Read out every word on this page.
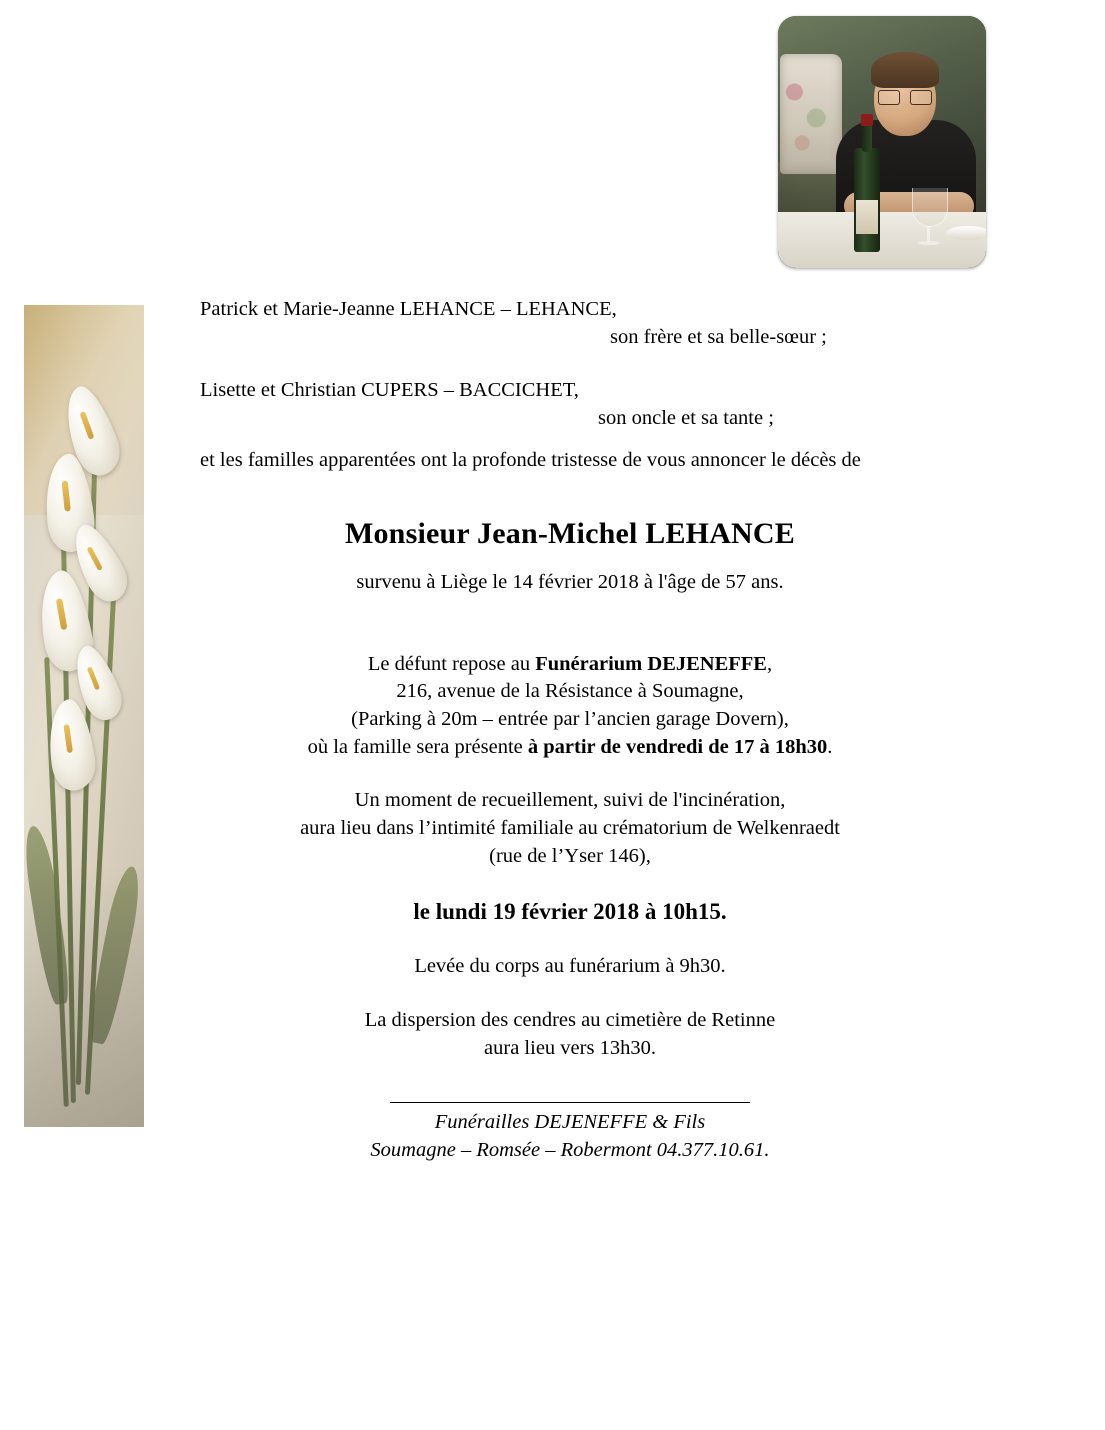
Patrick et Marie-Jeanne LEHANCE – LEHANCE,
son frère et sa belle-sœur ;
Lisette et Christian CUPERS – BACCICHET,
son oncle et sa tante ;
et les familles apparentées ont la profonde tristesse de vous annoncer le décès de
Monsieur Jean-Michel LEHANCE
survenu à Liège le 14 février 2018 à l'âge de 57 ans.
Le défunt repose au Funérarium DEJENEFFE,
216, avenue de la Résistance à Soumagne,
(Parking à 20m – entrée par l’ancien garage Dovern),
où la famille sera présente à partir de vendredi de 17 à 18h30.
Un moment de recueillement, suivi de l'incinération,
aura lieu dans l’intimité familiale au crématorium de Welkenraedt
(rue de l’Yser 146),
le lundi 19 février 2018 à 10h15.
Levée du corps au funérarium à 9h30.
La dispersion des cendres au cimetière de Retinne
aura lieu vers 13h30.
Funérailles DEJENEFFE & Fils
Soumagne – Romsée – Robermont 04.377.10.61.
